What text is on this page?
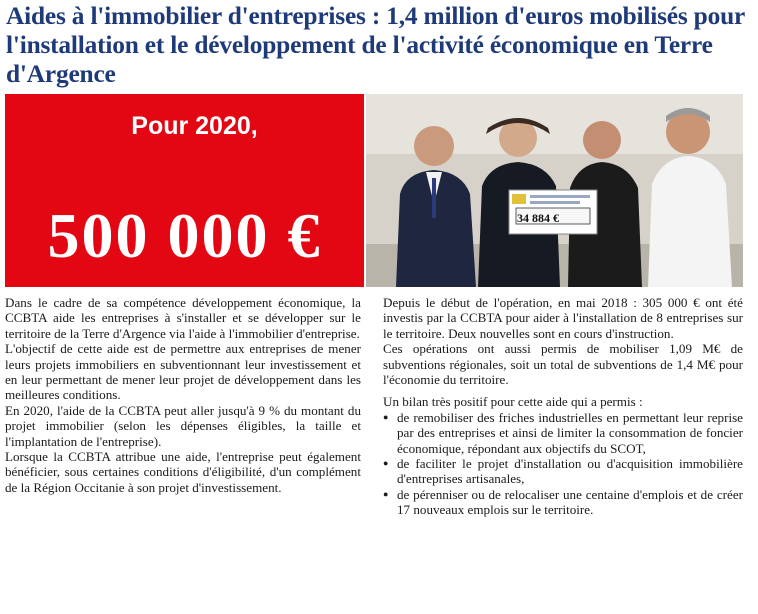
Aides à l'immobilier d'entreprises : 1,4 million d'euros mobilisés pour l'installation et le développement de l'activité économique en Terre d'Argence
Pour 2020,
500 000 €	34 884 €

Dans le cadre de sa compétence développement économique, la CCBTA aide les entreprises à s'installer et se développer sur le territoire de la Terre d'Argence via l'aide à l'immobilier d'entreprise.

L'objectif de cette aide est de permettre aux entreprises de mener leurs projets immobiliers en subventionnant leur investissement et en leur permettant de mener leur projet de développement dans les meilleures conditions.

En 2020, l'aide de la CCBTA peut aller jusqu'à 9 % du montant du projet immobilier (selon les dépenses éligibles, la taille et l'implantation de l'entreprise).

Lorsque la CCBTA attribue une aide, l'entreprise peut également bénéficier, sous certaines conditions d'éligibilité, d'un complément de la Région Occitanie à son projet d'investissement.

Depuis le début de l'opération, en mai 2018 : 305 000 € ont été investis par la CCBTA pour aider à l'installation de 8 entreprises sur le territoire. Deux nouvelles sont en cours d'instruction.

Ces opérations ont aussi permis de mobiliser 1,09 M€ de subventions régionales, soit un total de subventions de 1,4 M€ pour l'économie du territoire.

Un bilan très positif pour cette aide qui a permis :

● de remobiliser des friches industrielles en permettant leur reprise par des entreprises et ainsi de limiter la consommation de foncier économique, répondant aux objectifs du SCOT,
● de faciliter le projet d'installation ou d'acquisition immobilière d'entreprises artisanales,
● de pérenniser ou de relocaliser une centaine d'emplois et de créer 17 nouveaux emplois sur le territoire.
